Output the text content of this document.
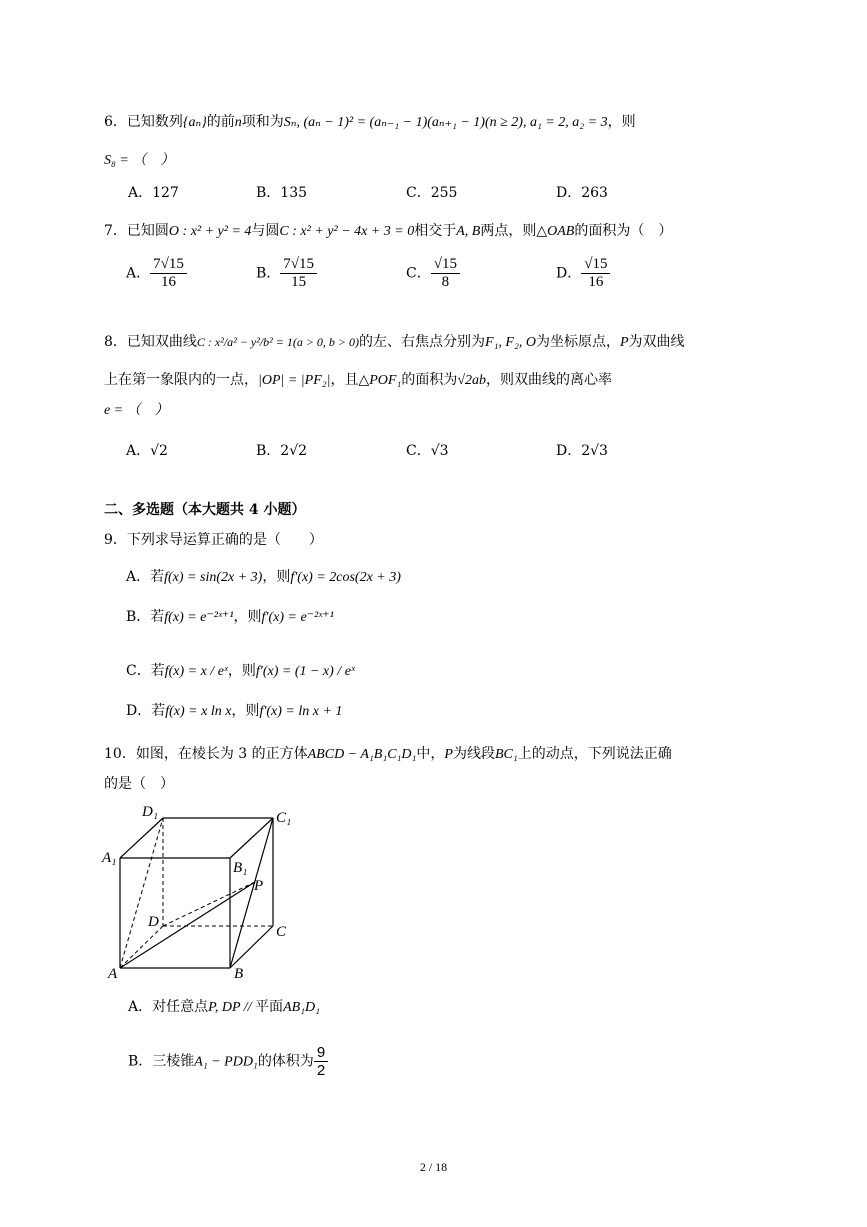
6．已知数列{aₙ}的前n项和为Sₙ, (aₙ − 1)² = (aₙ₋₁ − 1)(aₙ₊₁ − 1)(n ≥ 2), a₁ = 2, a₂ = 3，则
S₈ = （　）
A．127	B．135	C．255	D．263
7．已知圆O : x² + y² = 4与圆C : x² + y² − 4x + 3 = 0相交于A, B两点，则△OAB的面积为（　）
A． $\frac{7√15}{16}$	B． $\frac{7√15}{15}$	C． $\frac{√15}{8}$	D． $\frac{√15}{16}$
8．已知双曲线C : x²/a² − y²/b² = 1(a > 0, b > 0)的左、右焦点分别为F₁, F₂, O为坐标原点，P为双曲线
上在第一象限内的一点，|OP| = |PF₂|，且△POF₁的面积为√2ab，则双曲线的离心率
e = （　）
A．√2	B．2√2	C．√3	D．2√3
二、多选题（本大题共 4 小题）
9．下列求导运算正确的是（　　）
A．若f(x) = sin(2x + 3)，则f′(x) = 2cos(2x + 3)
B．若f(x) = e⁻²ˣ⁺¹，则f′(x) = e⁻²ˣ⁺¹
C．若f(x) = x / eˣ，则f′(x) = (1 − x) / eˣ
D．若f(x) = x ln x，则f′(x) = ln x + 1
10．如图，在棱长为 3 的正方体ABCD − A₁B₁C₁D₁中，P为线段BC₁上的动点，下列说法正确
的是（　）
D₁	C₁
A₁
B₁
P
D
C
A	B
A．对任意点P, DP // 平面AB₁D₁
B．三棱锥A₁ − PDD₁的体积为 $\frac{9}{2}$
2 / 18
